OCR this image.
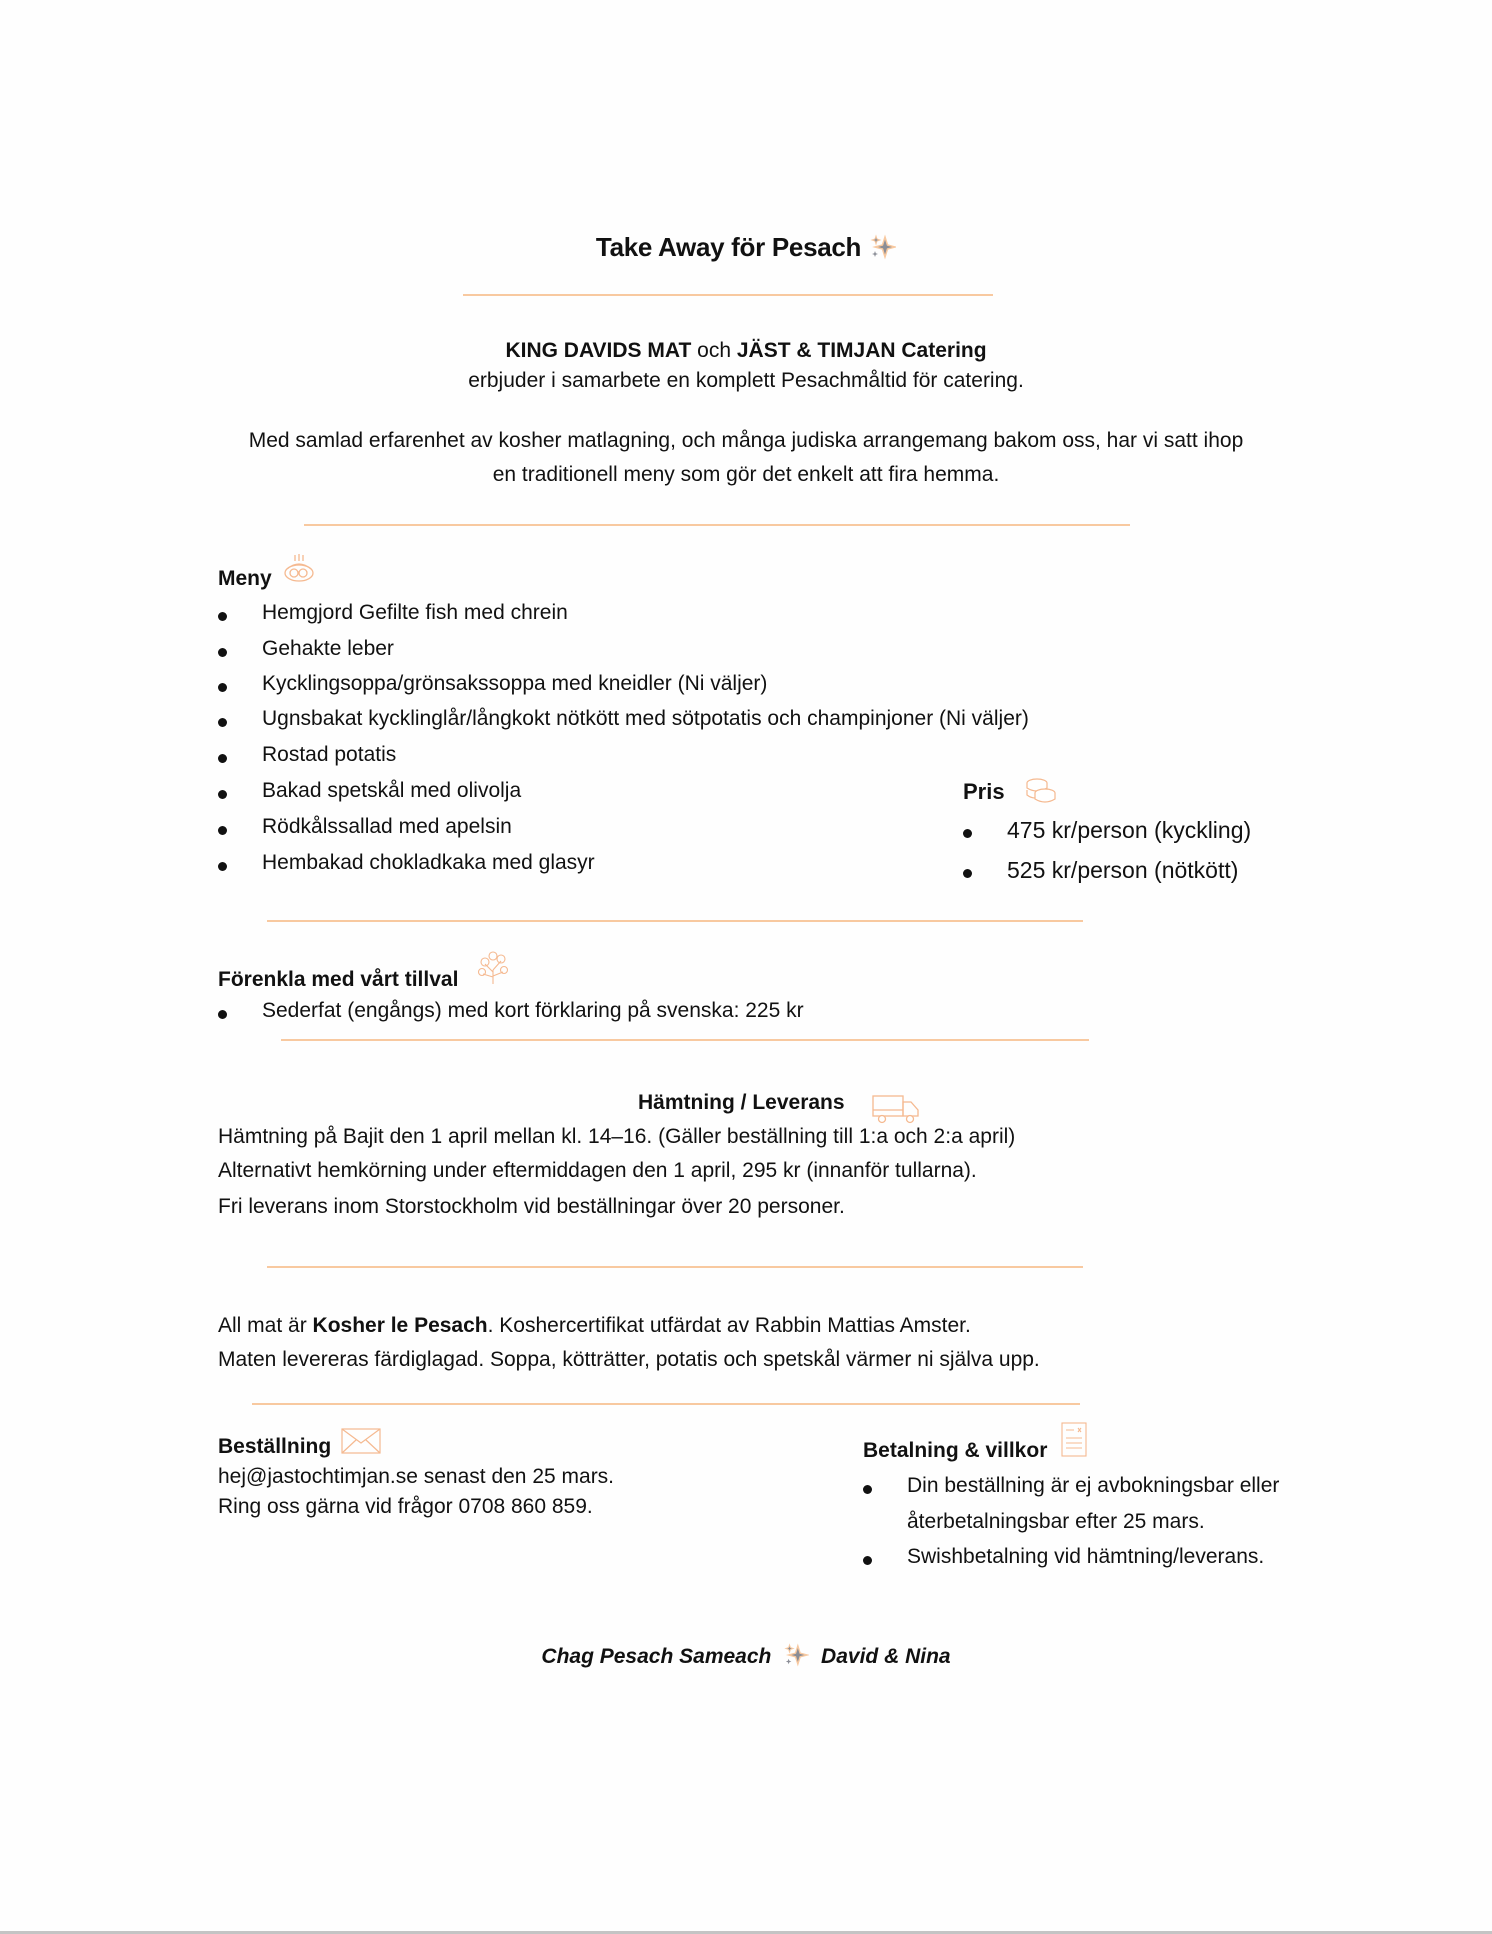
Take Away för Pesach
KING DAVIDS MAT och JÄST & TIMJAN Catering
erbjuder i samarbete en komplett Pesachmåltid för catering.
Med samlad erfarenhet av kosher matlagning, och många judiska arrangemang bakom oss, har vi satt ihop
en traditionell meny som gör det enkelt att fira hemma.
Meny
Hemgjord Gefilte fish med chrein
Gehakte leber
Kycklingsoppa/grönsakssoppa med kneidler (Ni väljer)
Ugnsbakat kycklinglår/långkokt nötkött med sötpotatis och champinjoner (Ni väljer)
Rostad potatis
Bakad spetskål med olivolja
Rödkålssallad med apelsin
Hembakad chokladkaka med glasyr
Pris
475 kr/person (kyckling)
525 kr/person (nötkött)
Förenkla med vårt tillval
Sederfat (engångs) med kort förklaring på svenska: 225 kr
Hämtning / Leverans
Hämtning på Bajit den 1 april mellan kl. 14–16. (Gäller beställning till 1:a och 2:a april)
Alternativt hemkörning under eftermiddagen den 1 april, 295 kr (innanför tullarna).
Fri leverans inom Storstockholm vid beställningar över 20 personer.
All mat är Kosher le Pesach. Koshercertifikat utfärdat av Rabbin Mattias Amster.
Maten levereras färdiglagad. Soppa, kötträtter, potatis och spetskål värmer ni själva upp.
Beställning
hej@jastochtimjan.se senast den 25 mars.
Ring oss gärna vid frågor 0708 860 859.
Betalning & villkor
Din beställning är ej avbokningsbar eller
återbetalningsbar efter 25 mars.
Swishbetalning vid hämtning/leverans.
Chag Pesach Sameach David & Nina
